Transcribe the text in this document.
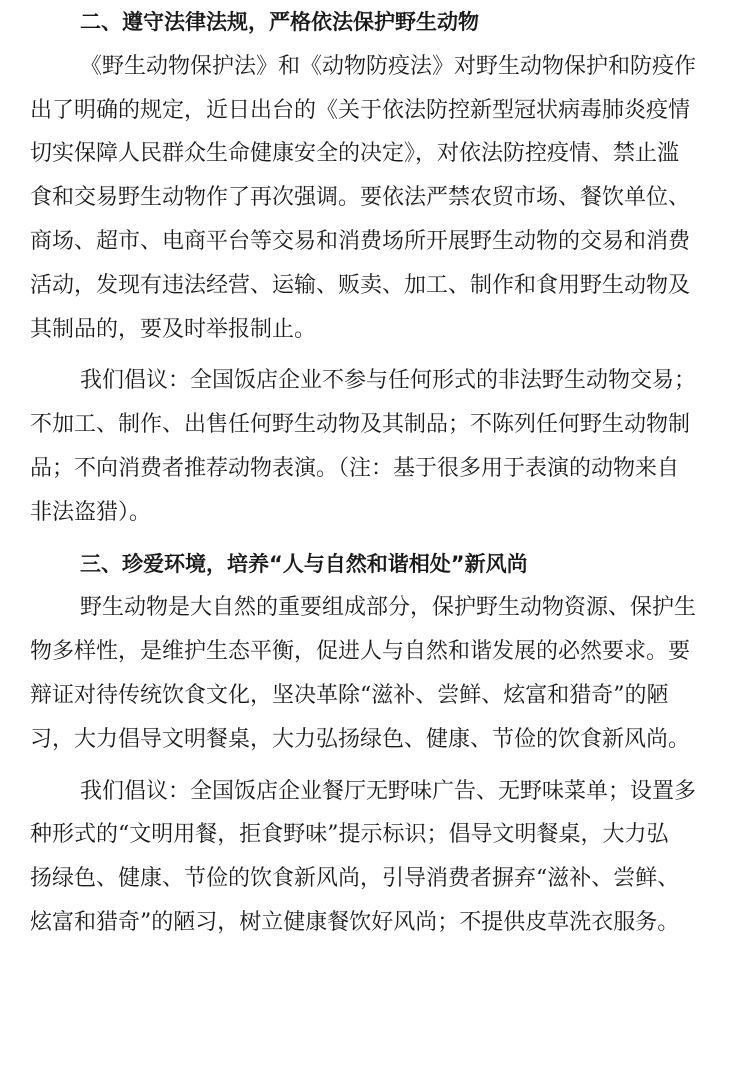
二、遵守法律法规，严格依法保护野生动物
《野生动物保护法》和《动物防疫法》对野生动物保护和防疫作
出了明确的规定，近日出台的《关于依法防控新型冠状病毒肺炎疫情
切实保障人民群众生命健康安全的决定》，对依法防控疫情、禁止滥
食和交易野生动物作了再次强调。要依法严禁农贸市场、餐饮单位、
商场、超市、电商平台等交易和消费场所开展野生动物的交易和消费
活动，发现有违法经营、运输、贩卖、加工、制作和食用野生动物及
其制品的，要及时举报制止。
我们倡议：全国饭店企业不参与任何形式的非法野生动物交易；
不加工、制作、出售任何野生动物及其制品；不陈列任何野生动物制
品；不向消费者推荐动物表演。（注：基于很多用于表演的动物来自
非法盗猎）。
三、珍爱环境，培养“人与自然和谐相处”新风尚
野生动物是大自然的重要组成部分，保护野生动物资源、保护生
物多样性，是维护生态平衡，促进人与自然和谐发展的必然要求。要
辩证对待传统饮食文化，坚决革除“滋补、尝鲜、炫富和猎奇”的陋
习，大力倡导文明餐桌，大力弘扬绿色、健康、节俭的饮食新风尚。
我们倡议：全国饭店企业餐厅无野味广告、无野味菜单；设置多
种形式的“文明用餐，拒食野味”提示标识；倡导文明餐桌，大力弘
扬绿色、健康、节俭的饮食新风尚，引导消费者摒弃“滋补、尝鲜、
炫富和猎奇”的陋习，树立健康餐饮好风尚；不提供皮草洗衣服务。
